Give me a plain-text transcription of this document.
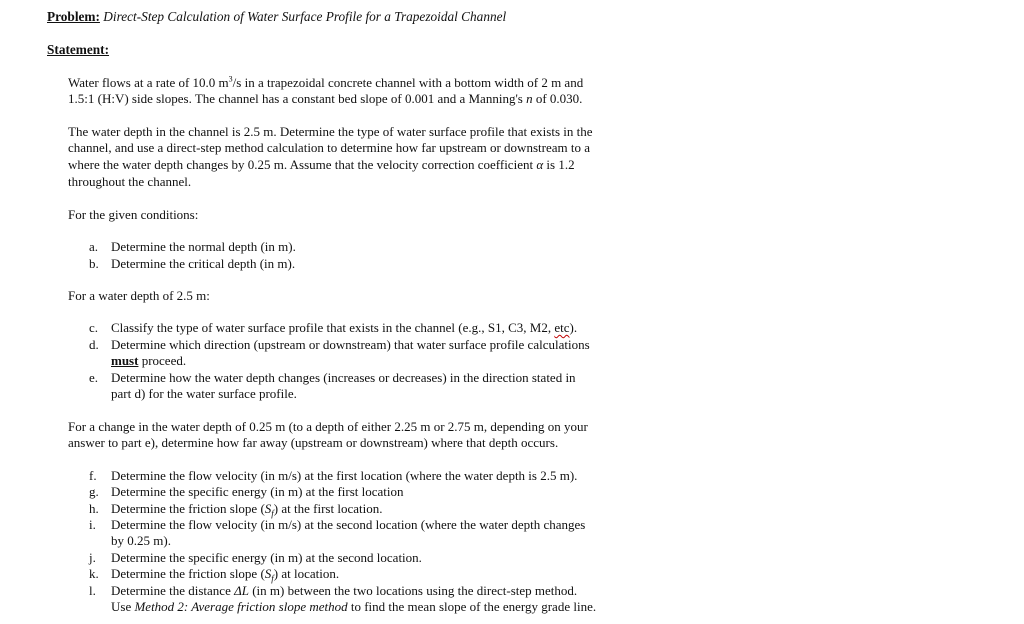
Problem: Direct-Step Calculation of Water Surface Profile for a Trapezoidal Channel
Statement:
Water flows at a rate of 10.0 $m^3/s$ in a trapezoidal concrete channel with a bottom width of 2 m and
1.5:1 (H:V) side slopes. The channel has a constant bed slope of 0.001 and a Manning's n of 0.030.
The water depth in the channel is 2.5 m. Determine the type of water surface profile that exists in the
channel, and use a direct-step method calculation to determine how far upstream or downstream to a
where the water depth changes by 0.25 m. Assume that the velocity correction coefficient α is 1.2
throughout the channel.
For the given conditions:
a. Determine the normal depth (in m).
b. Determine the critical depth (in m).
For a water depth of 2.5 m:
c. Classify the type of water surface profile that exists in the channel (e.g., S1, C3, M2, etc).
d. Determine which direction (upstream or downstream) that water surface profile calculations
must proceed.
e. Determine how the water depth changes (increases or decreases) in the direction stated in
part d) for the water surface profile.
For a change in the water depth of 0.25 m (to a depth of either 2.25 m or 2.75 m, depending on your
answer to part e), determine how far away (upstream or downstream) where that depth occurs.
f. Determine the flow velocity (in m/s) at the first location (where the water depth is 2.5 m).
g. Determine the specific energy (in m) at the first location
h. Determine the friction slope $(S_f)$ at the first location.
i. Determine the flow velocity (in m/s) at the second location (where the water depth changes
by 0.25 m).
j. Determine the specific energy (in m) at the second location.
k. Determine the friction slope $(S_f)$ at location.
l. Determine the distance ΔL (in m) between the two locations using the direct-step method.
Use Method 2: Average friction slope method to find the mean slope of the energy grade line.
